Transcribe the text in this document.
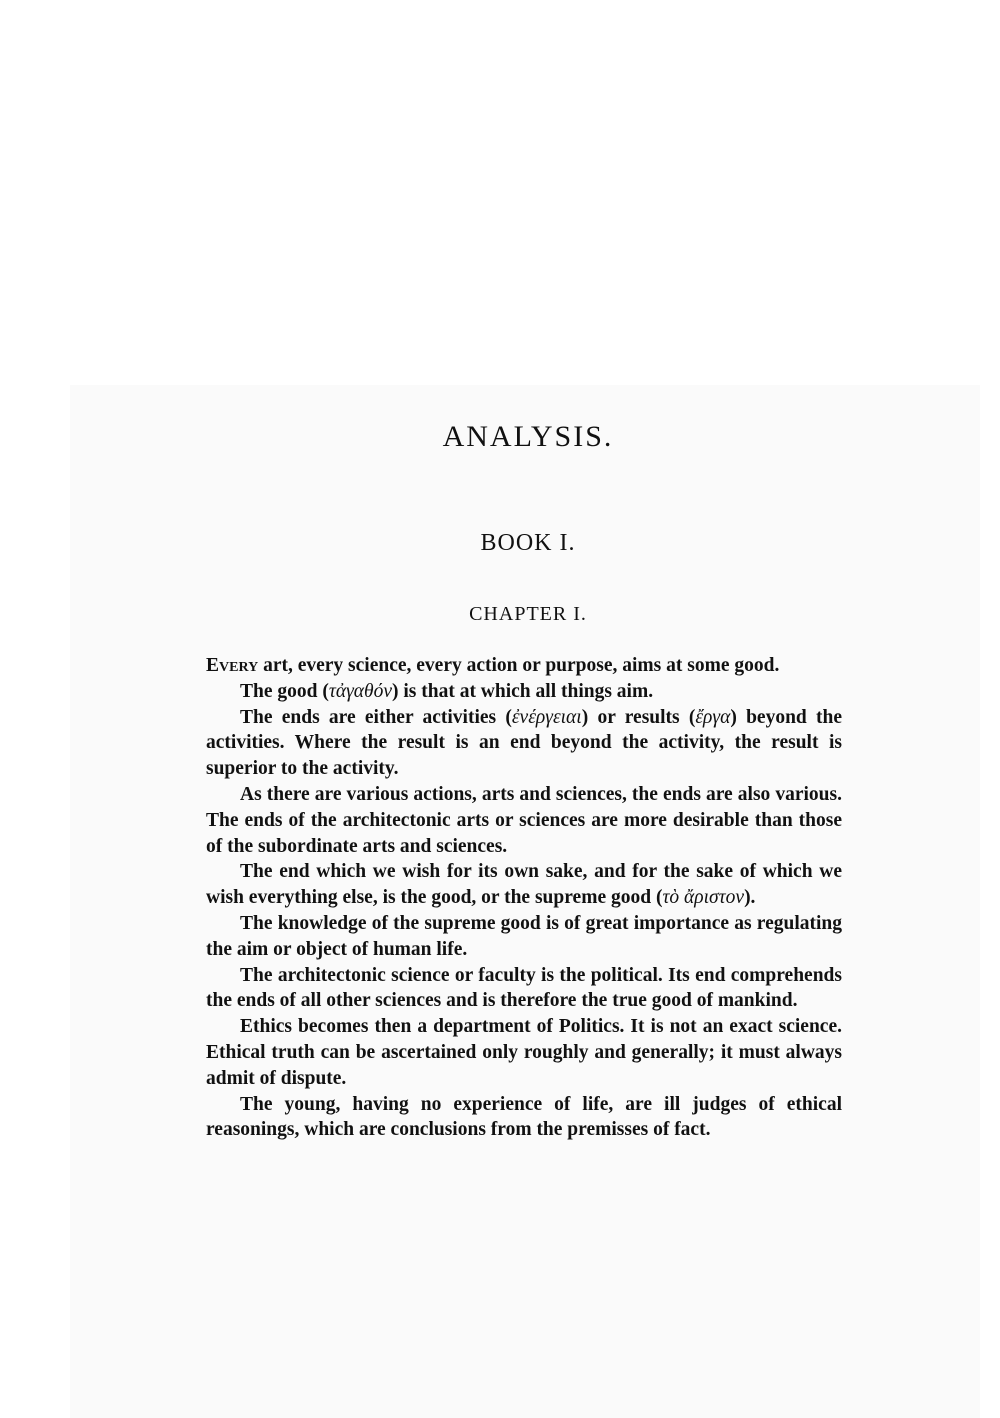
ANALYSIS.
BOOK I.
CHAPTER I.

Every art, every science, every action or purpose, aims at some good.

The good (τἀγαθόν) is that at which all things aim.

The ends are either activities (ἐνέργειαι) or results (ἔργα) beyond the activities. Where the result is an end beyond the activity, the result is superior to the activity.

As there are various actions, arts and sciences, the ends are also various. The ends of the architectonic arts or sciences are more desirable than those of the subordinate arts and sciences.

The end which we wish for its own sake, and for the sake of which we wish everything else, is the good, or the supreme good (τὸ ἄριστον).

The knowledge of the supreme good is of great importance as regulating the aim or object of human life.

The architectonic science or faculty is the political. Its end comprehends the ends of all other sciences and is therefore the true good of mankind.

Ethics becomes then a department of Politics. It is not an exact science. Ethical truth can be ascertained only roughly and generally; it must always admit of dispute.

The young, having no experience of life, are ill judges of ethical reasonings, which are conclusions from the premisses of fact.
